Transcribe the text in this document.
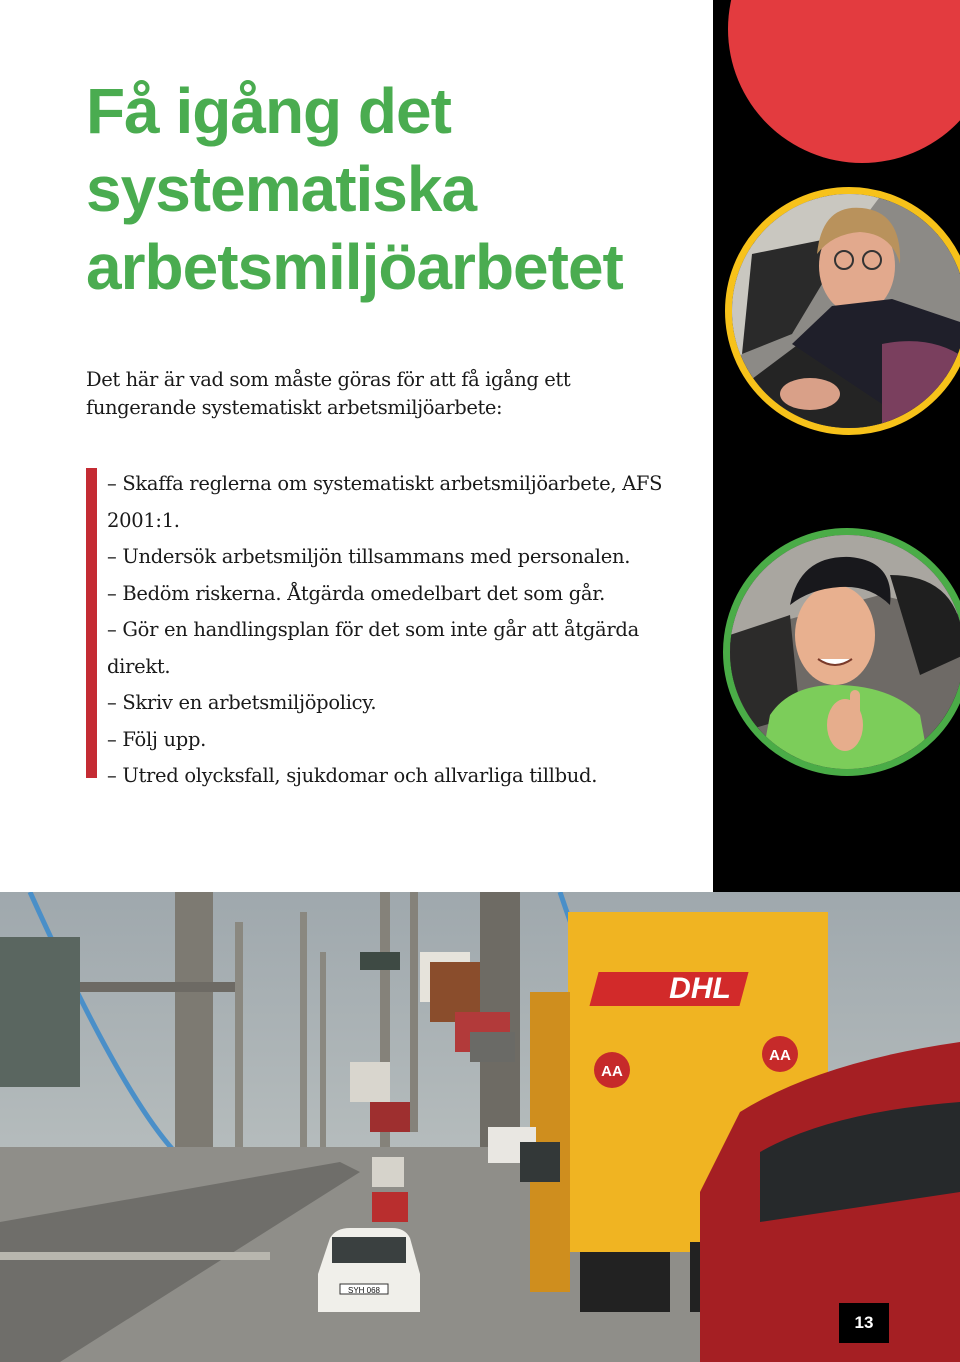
Få igång det
systematiska
arbetsmiljöarbetet

Det här är vad som måste göras för att få igång ett fungerande systematiskt arbetsmiljöarbete:

– Skaffa reglerna om systematiskt arbetsmiljöarbete, AFS 2001:1.
– Undersök arbetsmiljön tillsammans med personalen.
– Bedöm riskerna. Åtgärda omedelbart det som går.
– Gör en handlingsplan för det som inte går att åtgärda direkt.
– Skriv en arbetsmiljöpolicy.
– Följ upp.
– Utred olycksfall, sjukdomar och allvarliga tillbud.
DHL
AA
AA
SYH 068
13
